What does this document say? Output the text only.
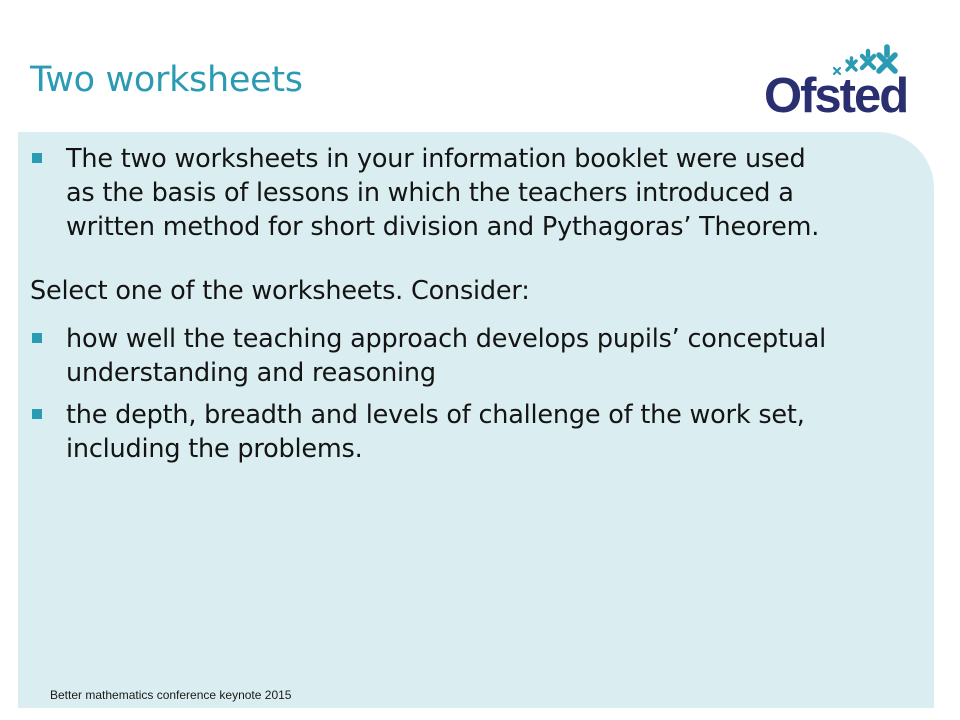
Two worksheets	Ofsted
The two worksheets in your information booklet were used
as the basis of lessons in which the teachers introduced a
written method for short division and Pythagoras’ Theorem.
Select one of the worksheets. Consider:
how well the teaching approach develops pupils’ conceptual
understanding and reasoning
the depth, breadth and levels of challenge of the work set,
including the problems.
Better mathematics conference keynote 2015
